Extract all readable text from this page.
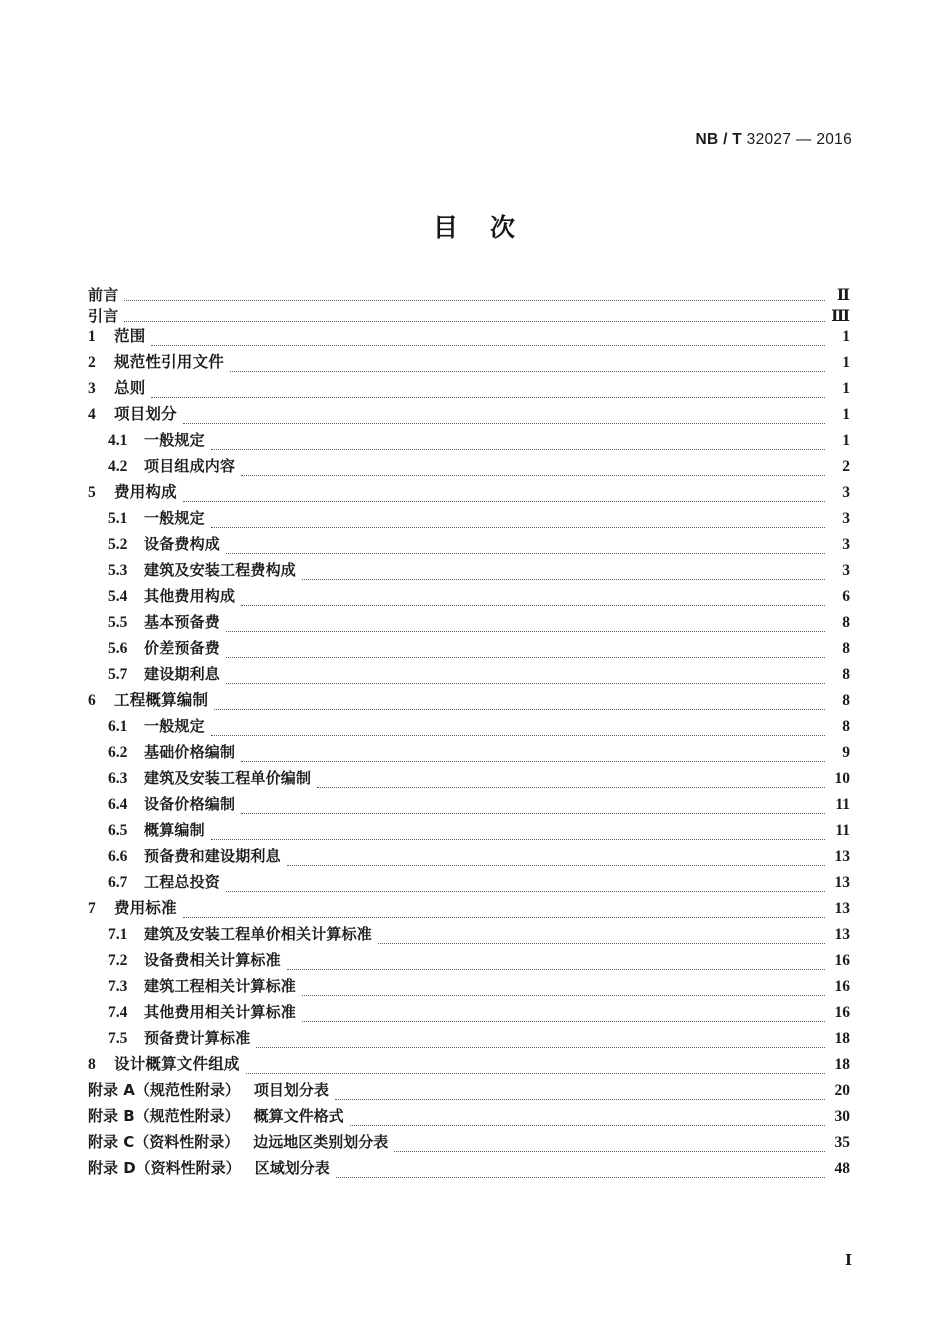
NB / T 32027 — 2016
目 次
前言	Ⅱ
引言	Ⅲ
1	范围	1
2	规范性引用文件	1
3	总则	1
4	项目划分	1
4.1	一般规定	1
4.2	项目组成内容	2
5	费用构成	3
5.1	一般规定	3
5.2	设备费构成	3
5.3	建筑及安装工程费构成	3
5.4	其他费用构成	6
5.5	基本预备费	8
5.6	价差预备费	8
5.7	建设期利息	8
6	工程概算编制	8
6.1	一般规定	8
6.2	基础价格编制	9
6.3	建筑及安装工程单价编制	10
6.4	设备价格编制	11
6.5	概算编制	11
6.6	预备费和建设期利息	13
6.7	工程总投资	13
7	费用标准	13
7.1	建筑及安装工程单价相关计算标准	13
7.2	设备费相关计算标准	16
7.3	建筑工程相关计算标准	16
7.4	其他费用相关计算标准	16
7.5	预备费计算标准	18
8	设计概算文件组成	18
附录 A（规范性附录） 项目划分表	20
附录 B（规范性附录） 概算文件格式	30
附录 C（资料性附录） 边远地区类别划分表	35
附录 D（资料性附录） 区域划分表	48
Ⅰ
